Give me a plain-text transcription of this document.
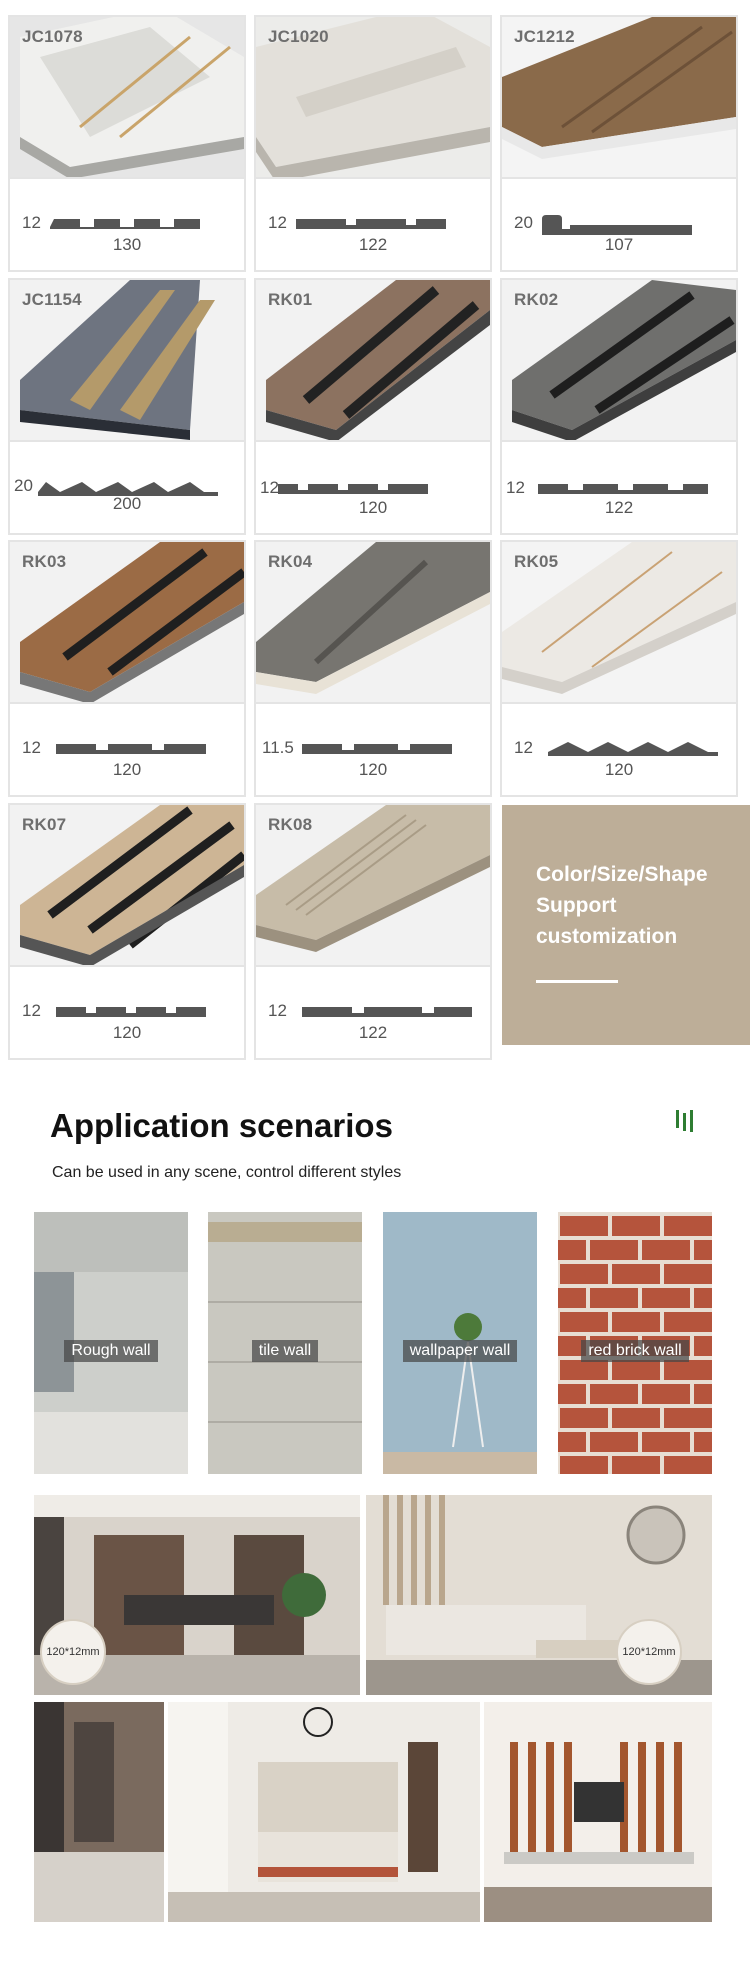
JC1078
12
130
JC1020
12
122
JC1212
20
107
JC1154
20
200
RK01
12
120
RK02
12
122
RK03
12
120
RK04
11.5
120
RK05
12
120
RK07
12
120
RK08
12
122
Color/Size/Shape
Support
customization
Application scenarios
Can be used in any scene, control different styles
Rough wall	tile wall	wallpaper wall	red brick wall
120*12mm	120*12mm
